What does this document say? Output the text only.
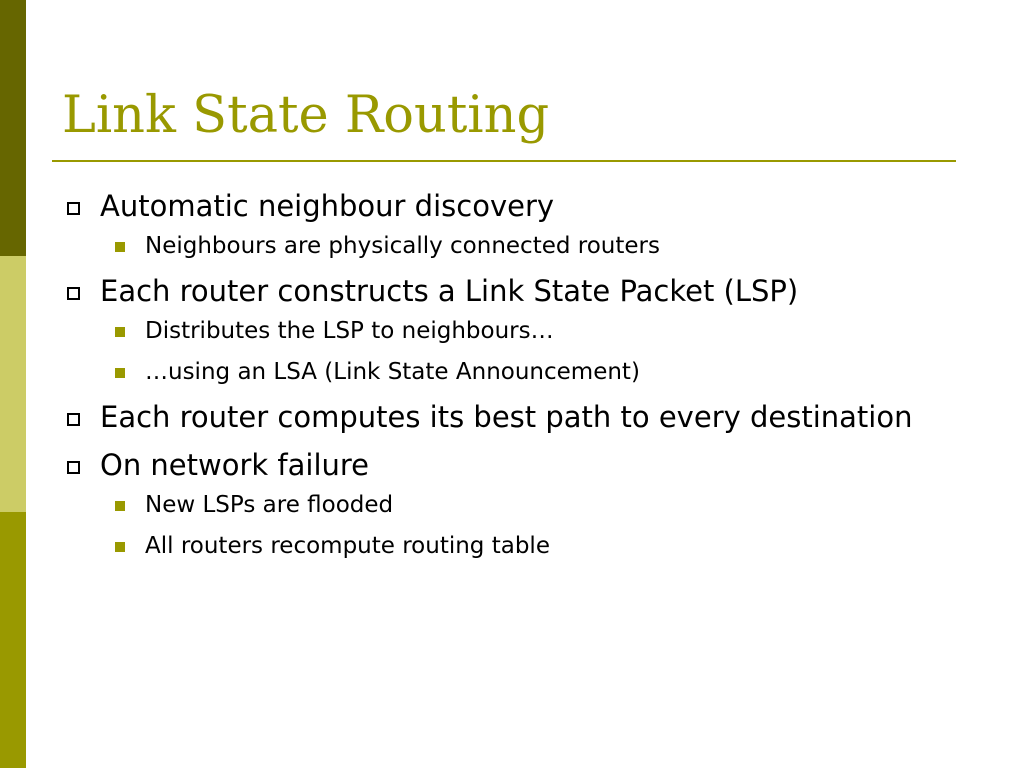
Link State Routing
Automatic neighbour discovery
Neighbours are physically connected routers
Each router constructs a Link State Packet (LSP)
Distributes the LSP to neighbours…
…using an LSA (Link State Announcement)
Each router computes its best path to every destination
On network failure
New LSPs are flooded
All routers recompute routing table
